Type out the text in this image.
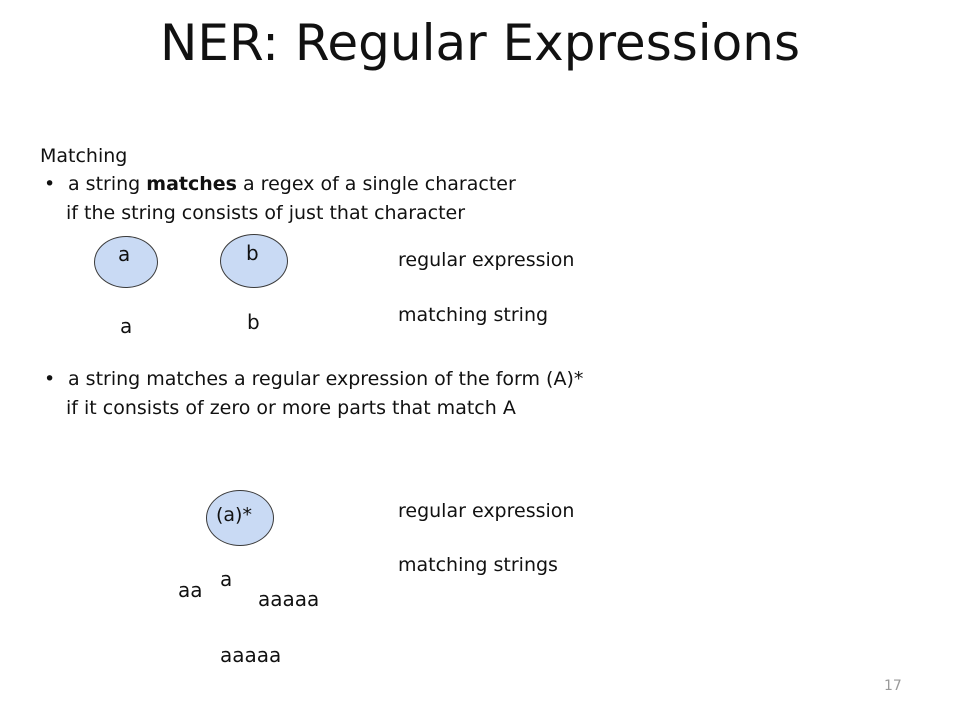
NER: Regular Expressions
Matching
• a string matches a regex of a single character
if the string consists of just that character
a	b
a	b
regular expression
matching string
• a string matches a regular expression of the form (A)*
if it consists of zero or more parts that match A
(a)*	regular expression
matching strings
aa a
aaaaa
aaaaa
17
